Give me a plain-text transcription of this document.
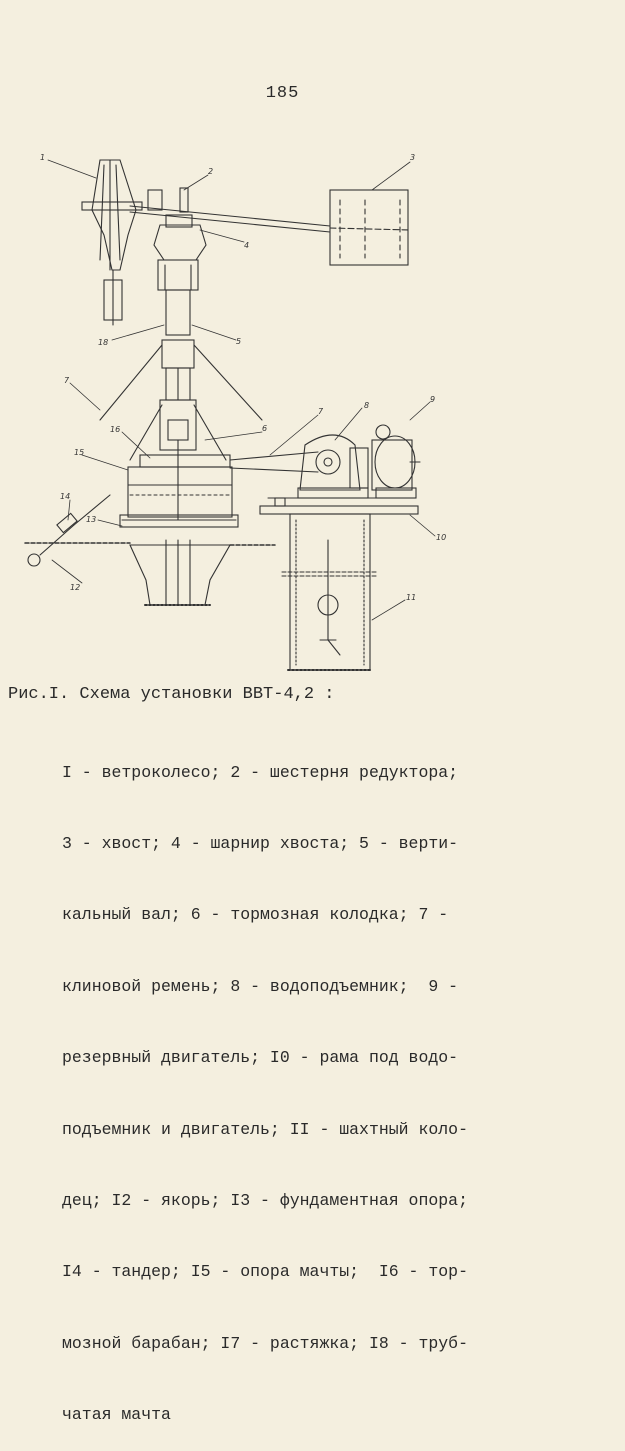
185
1	3
2
4
18	5
7
16	6
7
8
9
15
14
13
10
12
11
Рис.I. Схема установки ВВТ-4,2 :

I - ветроколесо; 2 - шестерня редуктора;

3 - хвост; 4 - шарнир хвоста; 5 - верти-

кальный вал; 6 - тормозная колодка; 7 -

клиновой ремень; 8 - водоподъемник;  9 -

резервный двигатель; I0 - рама под водо-

подъемник и двигатель; II - шахтный коло-

дец; I2 - якорь; I3 - фундаментная опора;

I4 - тандер; I5 - опора мачты;  I6 - тор-

мозной барабан; I7 - растяжка; I8 - труб-

чатая мачта
